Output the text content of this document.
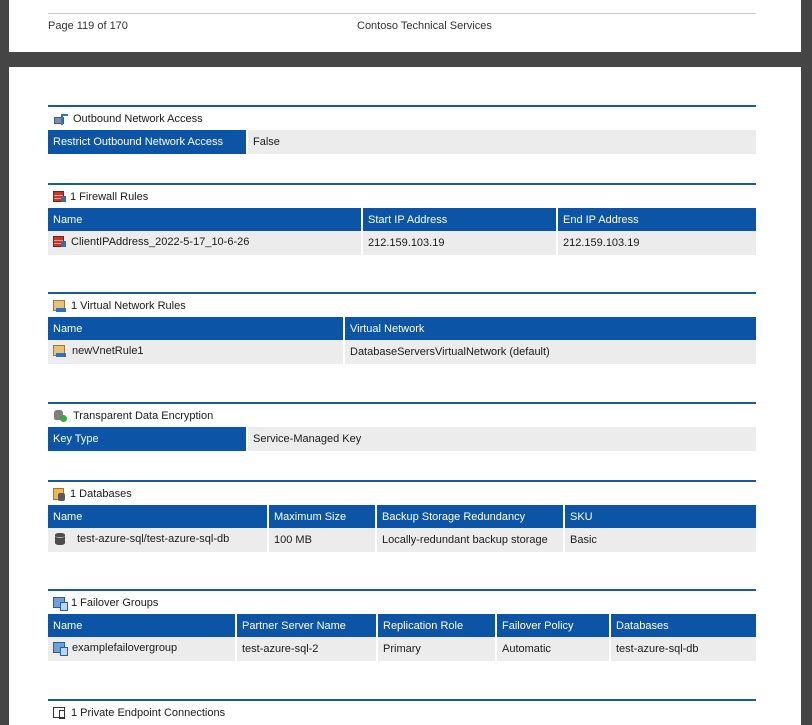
Page 119 of 170	Contoso Technical Services
Outbound Network Access
Restrict Outbound Network Access	False
1 Firewall Rules
Name	Start IP Address	End IP Address

ClientIPAddress_2022-5-17_10-6-26	212.159.103.19	212.159.103.19
1 Virtual Network Rules
Name	Virtual Network

newVnetRule1	DatabaseServersVirtualNetwork (default)
Transparent Data Encryption
Key Type	Service-Managed Key
1 Databases
Name	Maximum Size	Backup Storage Redundancy	SKU

test-azure-sql/test-azure-sql-db	100 MB	Locally-redundant backup storage	Basic
1 Failover Groups
Name	Partner Server Name	Replication Role	Failover Policy	Databases

examplefailovergroup	test-azure-sql-2	Primary	Automatic	test-azure-sql-db
1 Private Endpoint Connections
